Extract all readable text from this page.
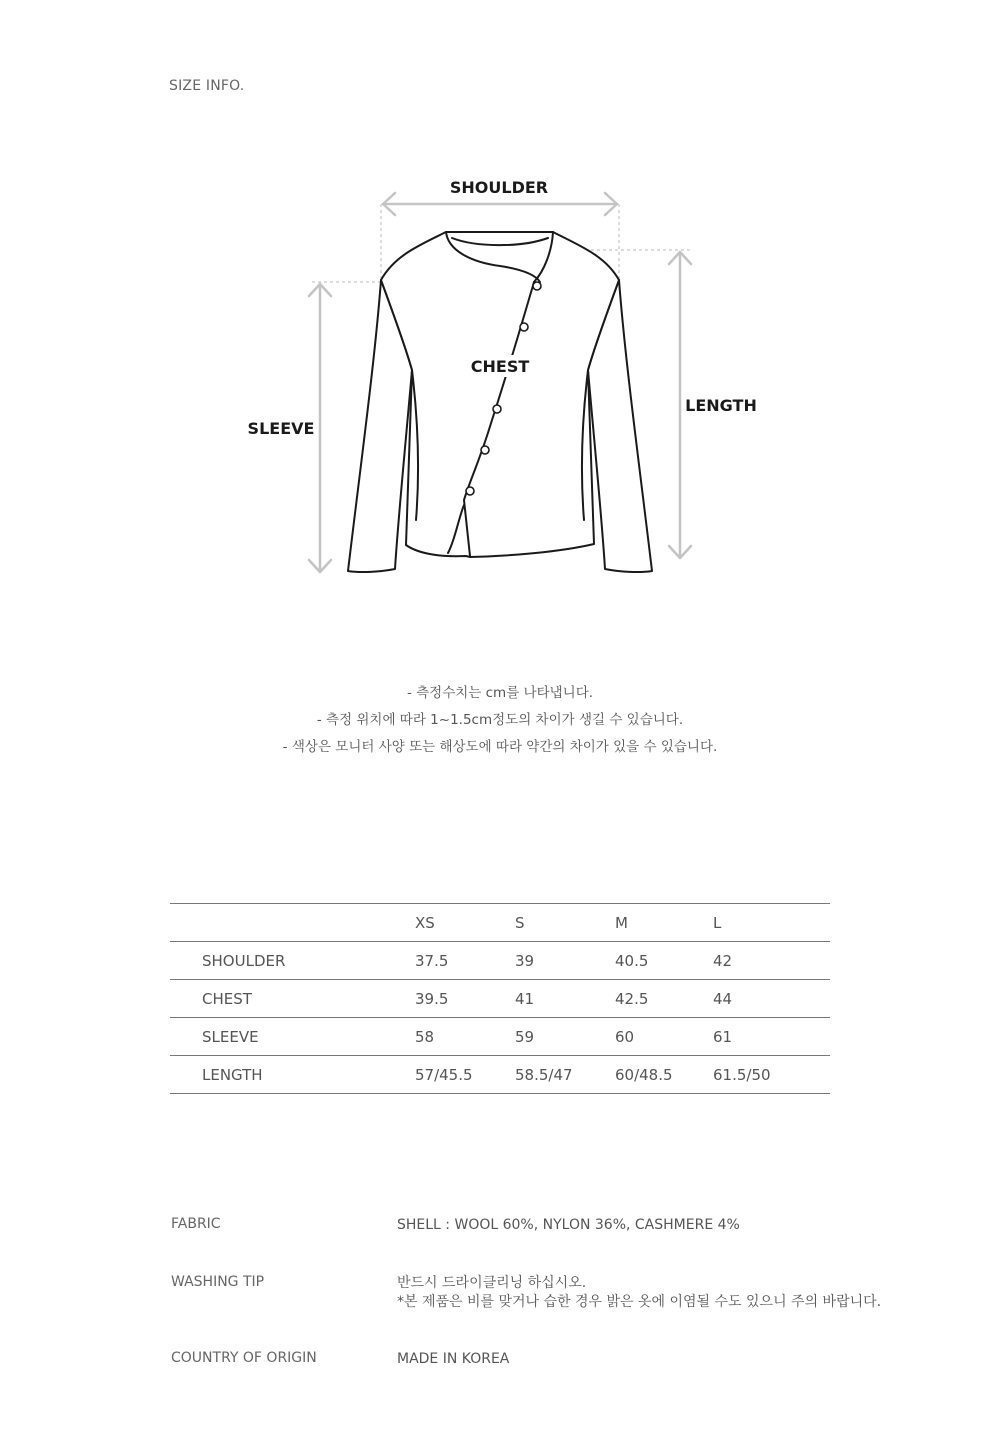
SIZE INFO.
SHOULDER
CHEST
SLEEVE
LENGTH
- 측정수치는 cm를 나타냅니다.
- 측정 위치에 따라 1~1.5cm정도의 차이가 생길 수 있습니다.
- 색상은 모니터 사양 또는 해상도에 따라 약간의 차이가 있을 수 있습니다.
	XS	S	M	L
SHOULDER	37.5	39	40.5	42
CHEST	39.5	41	42.5	44
SLEEVE	58	59	60	61
LENGTH	57/45.5	58.5/47	60/48.5	61.5/50
FABRIC	SHELL : WOOL 60%, NYLON 36%, CASHMERE 4%
WASHING TIP	반드시 드라이클리닝 하십시오.
*본 제품은 비를 맞거나 습한 경우 밝은 옷에 이염될 수도 있으니 주의 바랍니다.
COUNTRY OF ORIGIN	MADE IN KOREA
